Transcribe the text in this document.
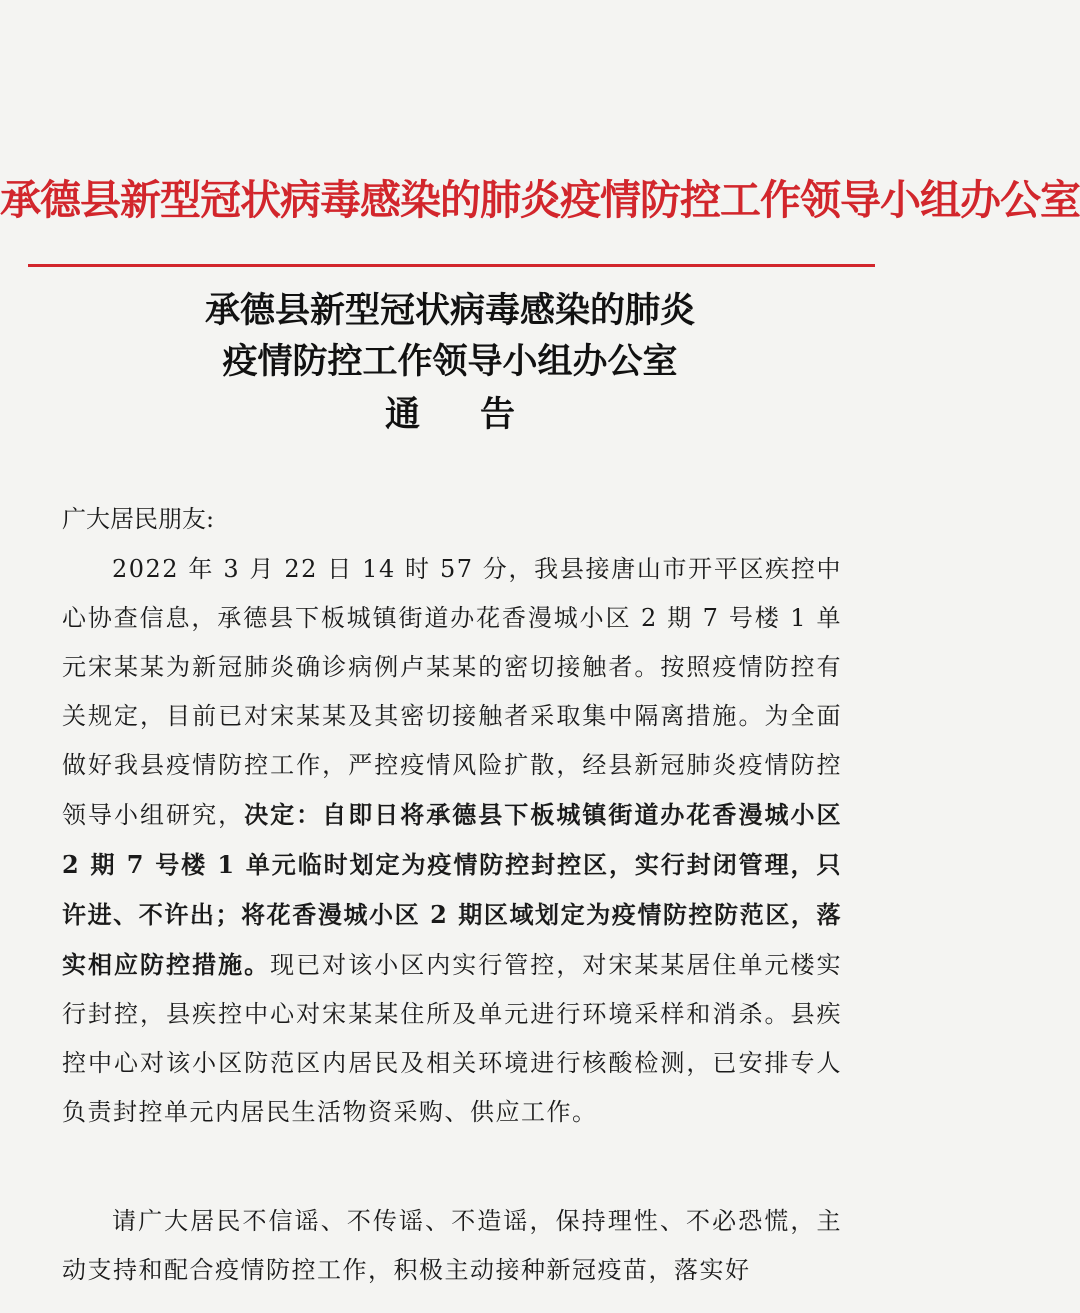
承德县新型冠状病毒感染的肺炎疫情防控工作领导小组办公室
承德县新型冠状病毒感染的肺炎
疫情防控工作领导小组办公室
通 告
广大居民朋友:

2022 年 3 月 22 日 14 时 57 分，我县接唐山市开平区疾控中心协查信息，承德县下板城镇街道办花香漫城小区 2 期 7 号楼 1 单元宋某某为新冠肺炎确诊病例卢某某的密切接触者。按照疫情防控有关规定，目前已对宋某某及其密切接触者采取集中隔离措施。为全面做好我县疫情防控工作，严控疫情风险扩散，经县新冠肺炎疫情防控领导小组研究，决定：自即日将承德县下板城镇街道办花香漫城小区 2 期 7 号楼 1 单元临时划定为疫情防控封控区，实行封闭管理，只许进、不许出；将花香漫城小区 2 期区域划定为疫情防控防范区，落实相应防控措施。现已对该小区内实行管控，对宋某某居住单元楼实行封控，县疾控中心对宋某某住所及单元进行环境采样和消杀。县疾控中心对该小区防范区内居民及相关环境进行核酸检测，已安排专人负责封控单元内居民生活物资采购、供应工作。

请广大居民不信谣、不传谣、不造谣，保持理性、不必恐慌，主动支持和配合疫情防控工作，积极主动接种新冠疫苗，落实好
